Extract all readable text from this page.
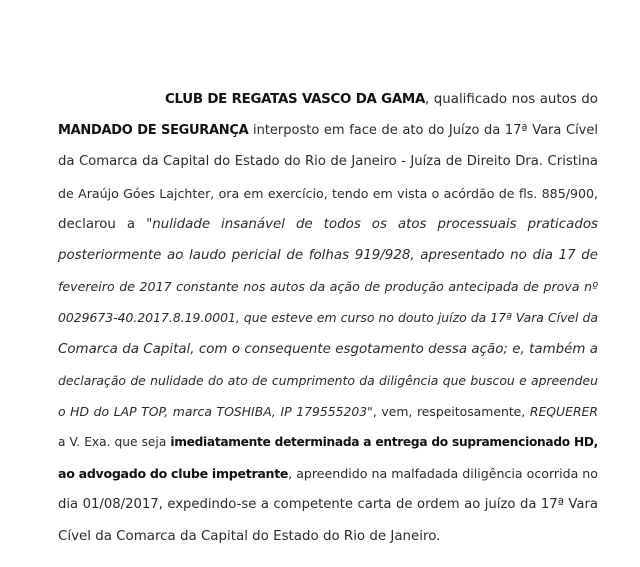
CLUB DE REGATAS VASCO DA GAMA, qualificado nos autos do
MANDADO DE SEGURANÇA interposto em face de ato do Juízo da 17ª Vara Cível
da Comarca da Capital do Estado do Rio de Janeiro - Juíza de Direito Dra. Cristina
de Araújo Góes Lajchter, ora em exercício, tendo em vista o acórdão de fls. 885/900,
declarou a "nulidade insanável de todos os atos processuais praticados
posteriormente ao laudo pericial de folhas 919/928, apresentado no dia 17 de
fevereiro de 2017 constante nos autos da ação de produção antecipada de prova nº
0029673-40.2017.8.19.0001, que esteve em curso no douto juízo da 17ª Vara Cível da
Comarca da Capital, com o consequente esgotamento dessa ação; e, também a
declaração de nulidade do ato de cumprimento da diligência que buscou e apreendeu
o HD do LAP TOP, marca TOSHIBA, IP 179555203", vem, respeitosamente, REQUERER
a V. Exa. que seja imediatamente determinada a entrega do supramencionado HD,
ao advogado do clube impetrante, apreendido na malfadada diligência ocorrida no
dia 01/08/2017, expedindo-se a competente carta de ordem ao juízo da 17ª Vara
Cível da Comarca da Capital do Estado do Rio de Janeiro.
